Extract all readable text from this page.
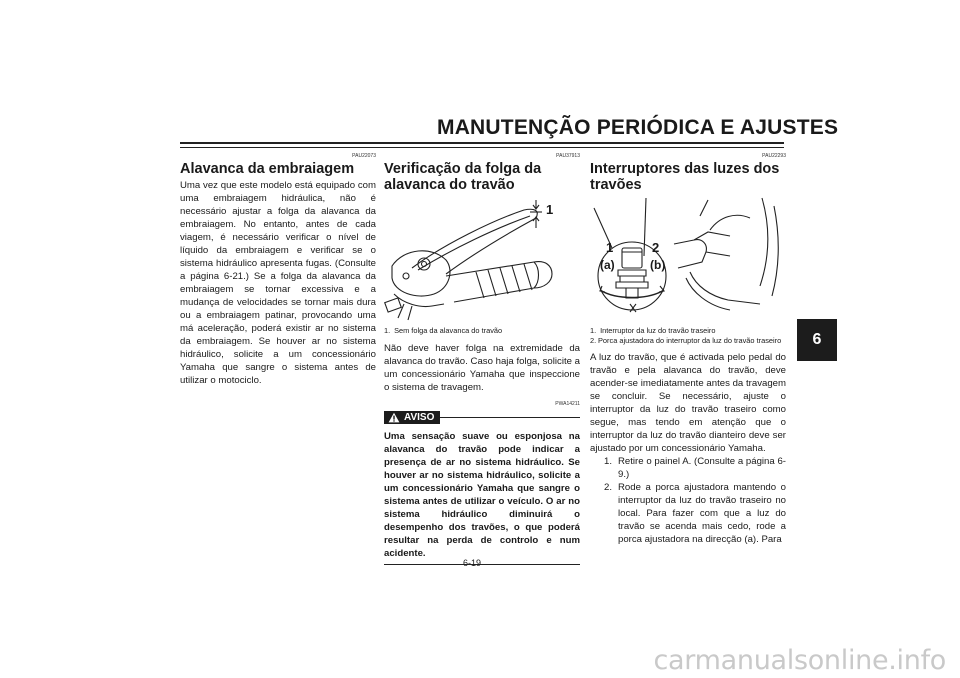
MANUTENÇÃO PERIÓDICA E AJUSTES
6
PAU22073
Alavanca da embraiagem

Uma vez que este modelo está equipado com uma embraiagem hidráulica, não é necessário ajustar a folga da alavanca da embraiagem. No entanto, antes de cada viagem, é necessário verificar o nível de líquido da embraiagem e verificar se o sistema hidráulico apresenta fugas. (Consulte a página 6-21.) Se a folga da alavanca da embraiagem se tornar excessiva e a mudança de velocidades se tornar mais dura ou a embraiagem patinar, provocando uma má aceleração, poderá existir ar no sistema da embraiagem. Se houver ar no sistema hidráulico, solicite a um concessionário Yamaha que sangre o sistema antes de utilizar o motociclo.

PAU37913
Verificação da folga da alavanca do travão
1
1. Sem folga da alavanca do travão

Não deve haver folga na extremidade da alavanca do travão. Caso haja folga, solicite a um concessionário Yamaha que inspeccione o sistema de travagem.

PWA14211
AVISO

Uma sensação suave ou esponjosa na alavanca do travão pode indicar a presença de ar no sistema hidráulico. Se houver ar no sistema hidráulico, solicite a um concessionário Yamaha que sangre o sistema antes de utilizar o veículo. O ar no sistema hidráulico diminuirá o desempenho dos travões, o que poderá resultar na perda de controlo e num acidente.

PAU22293
Interruptores das luzes dos travões
1	2
(a)	(b)
1. Interruptor da luz do travão traseiro
2. Porca ajustadora do interruptor da luz do travão traseiro

A luz do travão, que é activada pelo pedal do travão e pela alavanca do travão, deve acender-se imediatamente antes da travagem se concluir. Se necessário, ajuste o interruptor da luz do travão traseiro como segue, mas tendo em atenção que o interruptor da luz do travão dianteiro deve ser ajustado por um concessionário Yamaha.

1. Retire o painel A. (Consulte a página 6-9.)
2. Rode a porca ajustadora mantendo o interruptor da luz do travão traseiro no local. Para fazer com que a luz do travão se acenda mais cedo, rode a porca ajustadora na direcção (a). Para
6-19
carmanualsonline.info
